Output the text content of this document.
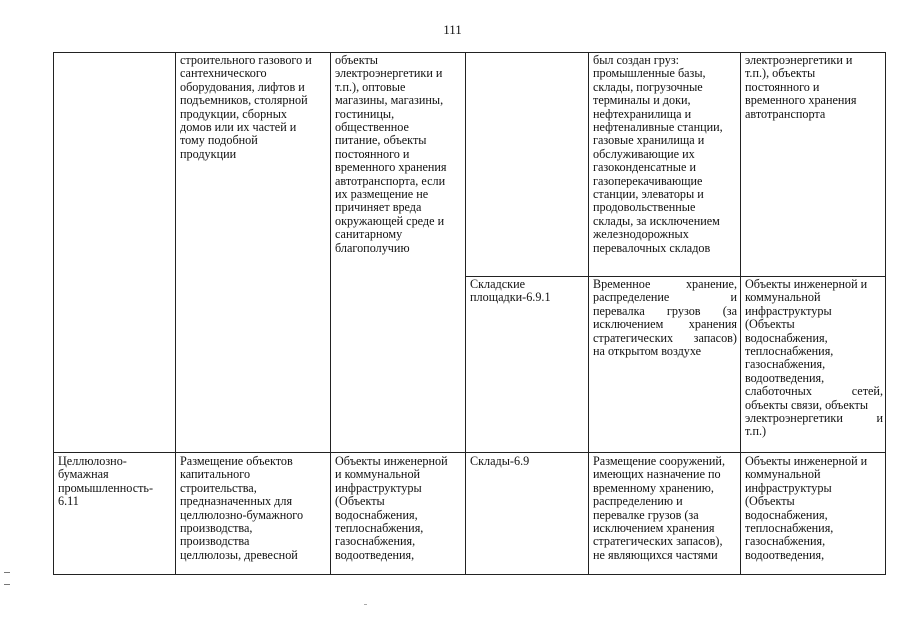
111

строительного газового и

сантехнического

оборудования, лифтов и

подъемников, столярной

продукции, сборных

домов или их частей и

тому подобной

продукции

объекты

электроэнергетики и

т.п.), оптовые

магазины, магазины,

гостиницы,

общественное

питание, объекты

постоянного и

временного хранения

автотранспорта, если

их размещение не

причиняет вреда

окружающей среде и

санитарному

благополучию

был создан груз:

промышленные базы,

склады, погрузочные

терминалы и доки,

нефтехранилища и

нефтеналивные станции,

газовые хранилища и

обслуживающие их

газоконденсатные и

газоперекачивающие

станции, элеваторы и

продовольственные

склады, за исключением

железнодорожных

перевалочных складов

электроэнергетики и

т.п.), объекты

постоянного и

временного хранения

автотранспорта

Складские

площадки-6.9.1

Временное хранение,

распределение и

перевалка грузов (за

исключением хранения

стратегических запасов)

на открытом воздухе

Объекты инженерной и

коммунальной

инфраструктуры

(Объекты

водоснабжения,

теплоснабжения,

газоснабжения,

водоотведения,

слаботочных сетей,

объекты связи, объекты

электроэнергетики и

т.п.)

Целлюлозно-

бумажная

промышленность-

6.11

Размещение объектов

капитального

строительства,

предназначенных для

целлюлозно-бумажного

производства,

производства

целлюлозы, древесной

Объекты инженерной

и коммунальной

инфраструктуры

(Объекты

водоснабжения,

теплоснабжения,

газоснабжения,

водоотведения,

Склады-6.9	Размещение сооружений,

имеющих назначение по

временному хранению,

распределению и

перевалке грузов (за

исключением хранения

стратегических запасов),

не являющихся частями

Объекты инженерной и

коммунальной

инфраструктуры

(Объекты

водоснабжения,

теплоснабжения,

газоснабжения,

водоотведения,
